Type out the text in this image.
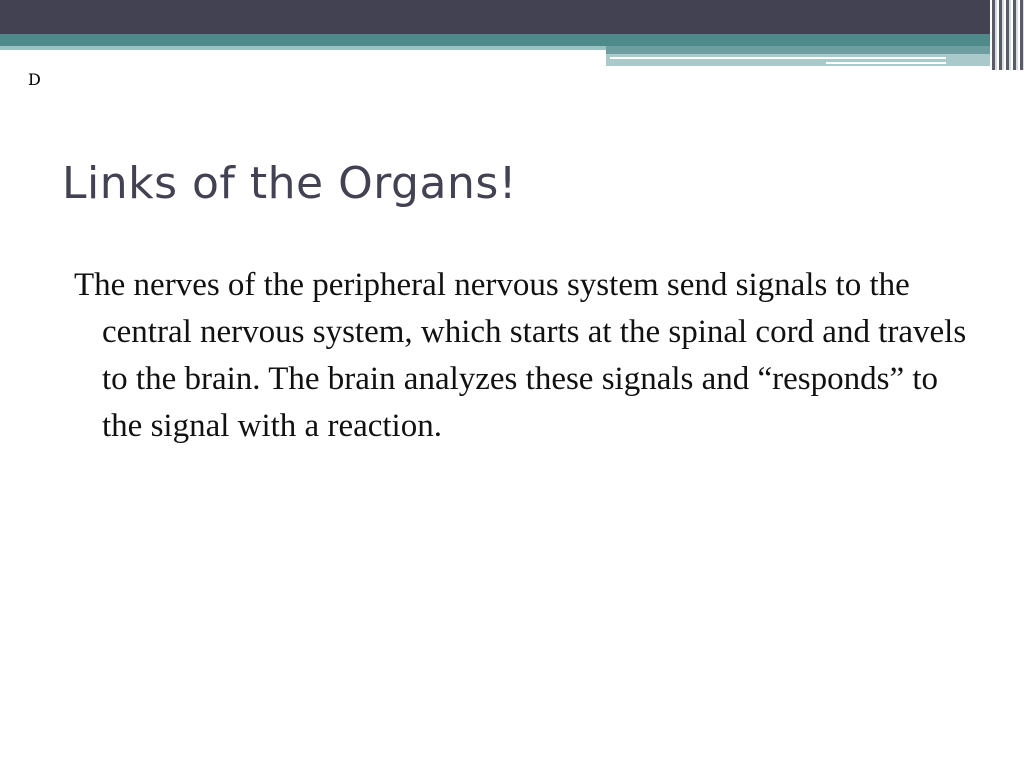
D
Links of the Organs!

The nerves of the peripheral nervous system send signals to the central nervous system, which starts at the spinal cord and travels to the brain. The brain analyzes these signals and “responds” to the signal with a reaction.
